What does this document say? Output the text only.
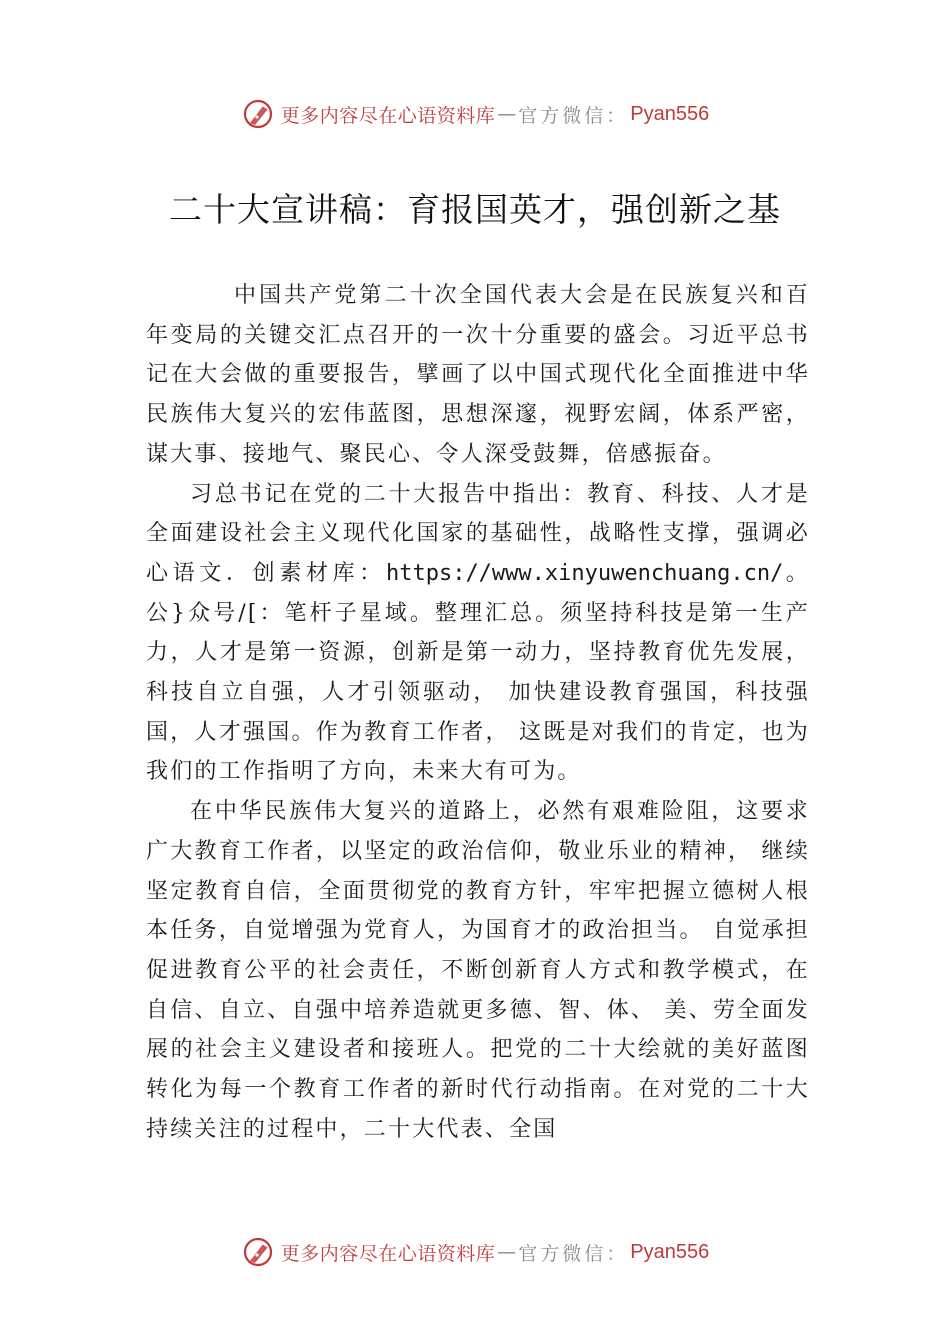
更多内容尽在心语资料库 — 官方微信： Pyan556
二十大宣讲稿：育报国英才，强创新之基

中国共产党第二十次全国代表大会是在民族复兴和百年变局的关键交汇点召开的一次十分重要的盛会。习近平总书记在大会做的重要报告，擘画了以中国式现代化全面推进中华民族伟大复兴的宏伟蓝图，思想深邃，视野宏阔，体系严密，谋大事、接地气、聚民心、令人深受鼓舞，倍感振奋。

习总书记在党的二十大报告中指出：教育、科技、人才是全面建设社会主义现代化国家的基础性，战略性支撑，强调必心语文．创素材库：https://www.xinyuwenchuang.cn/。公}众号/[：笔杆子星域。整理汇总。须坚持科技是第一生产力，人才是第一资源，创新是第一动力，坚持教育优先发展，科技自立自强，人才引领驱动， 加快建设教育强国，科技强国，人才强国。作为教育工作者， 这既是对我们的肯定，也为我们的工作指明了方向，未来大有可为。

在中华民族伟大复兴的道路上，必然有艰难险阻，这要求广大教育工作者，以坚定的政治信仰，敬业乐业的精神， 继续坚定教育自信，全面贯彻党的教育方针，牢牢把握立德树人根本任务，自觉增强为党育人，为国育才的政治担当。 自觉承担促进教育公平的社会责任，不断创新育人方式和教学模式，在自信、自立、自强中培养造就更多德、智、体、 美、劳全面发展的社会主义建设者和接班人。把党的二十大绘就的美好蓝图转化为每一个教育工作者的新时代行动指南。在对党的二十大持续关注的过程中，二十大代表、全国

更多内容尽在心语资料库 — 官方微信： Pyan556
